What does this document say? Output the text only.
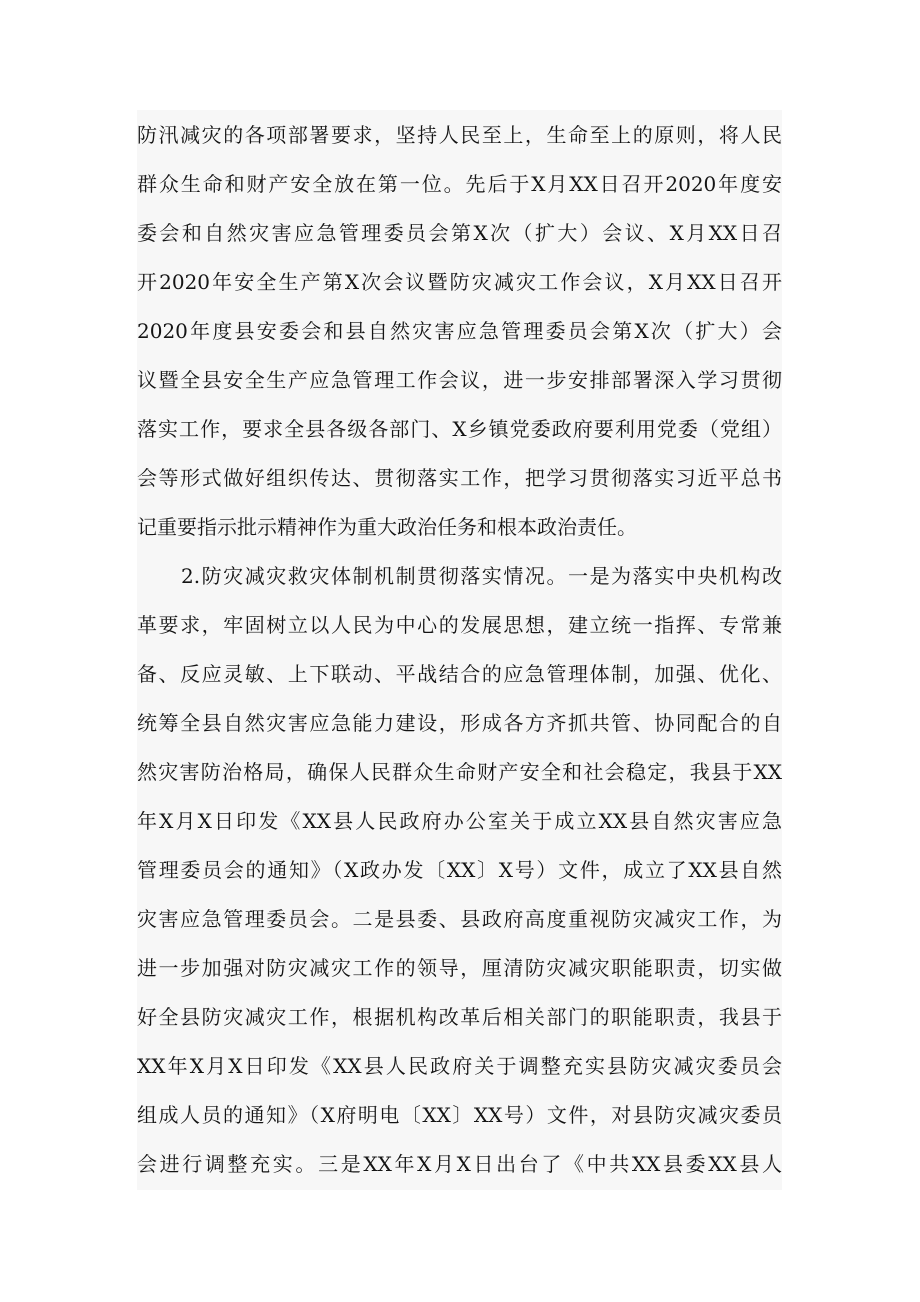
防汛减灾的各项部署要求，坚持人民至上，生命至上的原则，将人民
群众生命和财产安全放在第一位。先后于X月XX日召开2020年度安
委会和自然灾害应急管理委员会第X次（扩大）会议、X月XX日召
开2020年安全生产第X次会议暨防灾减灾工作会议，X月XX日召开
2020年度县安委会和县自然灾害应急管理委员会第X次（扩大）会
议暨全县安全生产应急管理工作会议，进一步安排部署深入学习贯彻
落实工作，要求全县各级各部门、X乡镇党委政府要利用党委（党组）
会等形式做好组织传达、贯彻落实工作，把学习贯彻落实习近平总书
记重要指示批示精神作为重大政治任务和根本政治责任。
2.防灾减灾救灾体制机制贯彻落实情况。一是为落实中央机构改
革要求，牢固树立以人民为中心的发展思想，建立统一指挥、专常兼
备、反应灵敏、上下联动、平战结合的应急管理体制，加强、优化、
统筹全县自然灾害应急能力建设，形成各方齐抓共管、协同配合的自
然灾害防治格局，确保人民群众生命财产安全和社会稳定，我县于XX
年X月X日印发《XX县人民政府办公室关于成立XX县自然灾害应急
管理委员会的通知》（X政办发〔XX〕X号）文件，成立了XX县自然
灾害应急管理委员会。二是县委、县政府高度重视防灾减灾工作，为
进一步加强对防灾减灾工作的领导，厘清防灾减灾职能职责，切实做
好全县防灾减灾工作，根据机构改革后相关部门的职能职责，我县于
XX年X月X日印发《XX县人民政府关于调整充实县防灾减灾委员会
组成人员的通知》（X府明电〔XX〕XX号）文件，对县防灾减灾委员
会进行调整充实。三是XX年X月X日出台了《中共XX县委XX县人
